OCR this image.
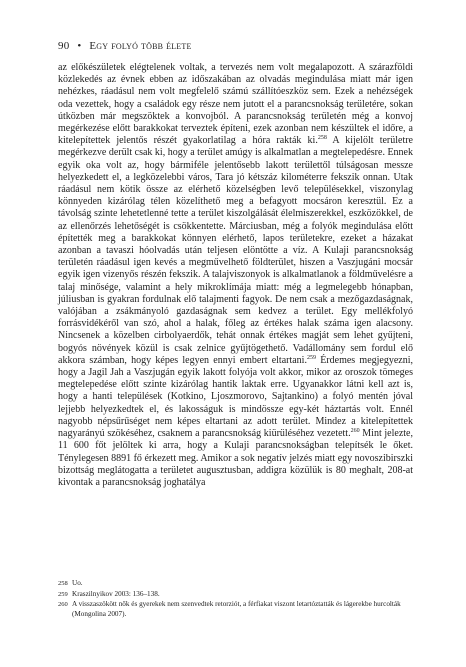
90 • Egy folyó több élete

az előkészületek elégtelenek voltak, a tervezés nem volt megalapozott. A szárazföldi közlekedés az évnek ebben az időszakában az olvadás megindulása miatt már igen nehézkes, ráadásul nem volt megfelelő számú szállítóeszköz sem. Ezek a nehézségek oda vezettek, hogy a családok egy része nem jutott el a parancsnokság területére, sokan útközben már megszöktek a konvojból. A parancsnokság területén még a konvoj megérkezése előtt barakkokat terveztek építeni, ezek azonban nem készültek el időre, a kitelepítettek jelentős részét gyakorlatilag a hóra rakták ki.$^{258}$ A kijelölt területre megérkezve derült csak ki, hogy a terület amúgy is alkalmatlan a megtelepedésre. Ennek egyik oka volt az, hogy bármiféle jelentősebb lakott területtől túlságosan messze helyezkedett el, a legközelebbi város, Tara jó kétszáz kilométerre fekszik onnan. Utak ráadásul nem kötik össze az elérhető közelségben levő településekkel, viszonylag könnyeden kizárólag télen közelíthető meg a befagyott mocsáron keresztül. Ez a távolság szinte lehetetlenné tette a terület kiszolgálását élelmiszerekkel, eszközökkel, de az ellenőrzés lehetőségét is csökkentette. Márciusban, még a folyók megindulása előtt építették meg a barakkokat könnyen elérhető, lapos területekre, ezeket a házakat azonban a tavaszi hóolvadás után teljesen elöntötte a víz. A Kulaji parancsnokság területén ráadásul igen kevés a megművelhető földterület, hiszen a Vaszjugáni mocsár egyik igen vizenyős részén fekszik. A talajviszonyok is alkalmatlanok a földművelésre a talaj minősége, valamint a hely mikroklímája miatt: még a legmelegebb hónapban, júliusban is gyakran fordulnak elő talajmenti fagyok. De nem csak a mezőgazdaságnak, valójában a zsákmányoló gazdaságnak sem kedvez a terület. Egy mellékfolyó forrásvidékéről van szó, ahol a halak, főleg az értékes halak száma igen alacsony. Nincsenek a közelben cirbolyaerdők, tehát onnak értékes magját sem lehet gyűjteni, bogyós növények közül is csak zelnice gyűjtögethető. Vadállomány sem fordul elő akkora számban, hogy képes legyen ennyi embert eltartani.$^{259}$ Érdemes megjegyezni, hogy a Jagil Jah a Vaszjugán egyik lakott folyója volt akkor, mikor az oroszok tömeges megtelepedése előtt szinte kizárólag hantik laktak erre. Ugyanakkor látni kell azt is, hogy a hanti települések (Kotkino, Ljoszmorovo, Sajtankino) a folyó mentén jóval lejjebb helyezkedtek el, és lakosságuk is mindössze egy-két háztartás volt. Ennél nagyobb népsűrűséget nem képes eltartani az adott terület. Mindez a kitelepítettek nagyarányú szökéséhez, csaknem a parancsnokság kiürüléséhez vezetett.$^{260}$ Mint jelezte, 11 600 főt jelöltek ki arra, hogy a Kulaji parancsnokságban telepítsék le őket. Ténylegesen 8891 fő érkezett meg. Amikor a sok negatív jelzés miatt egy novoszibirszki bizottság meglátogatta a területet augusztusban, addigra közülük is 80 meghalt, 208-at kivontak a parancsnokság joghatálya

258 Uo.
259 Kraszilnyikov 2003: 136–138.
260 A visszaszökött nők és gyerekek nem szenvedtek retorziót, a férfiakat viszont letartóztatták és lágerekbe hurcolták (Mongolina 2007).
